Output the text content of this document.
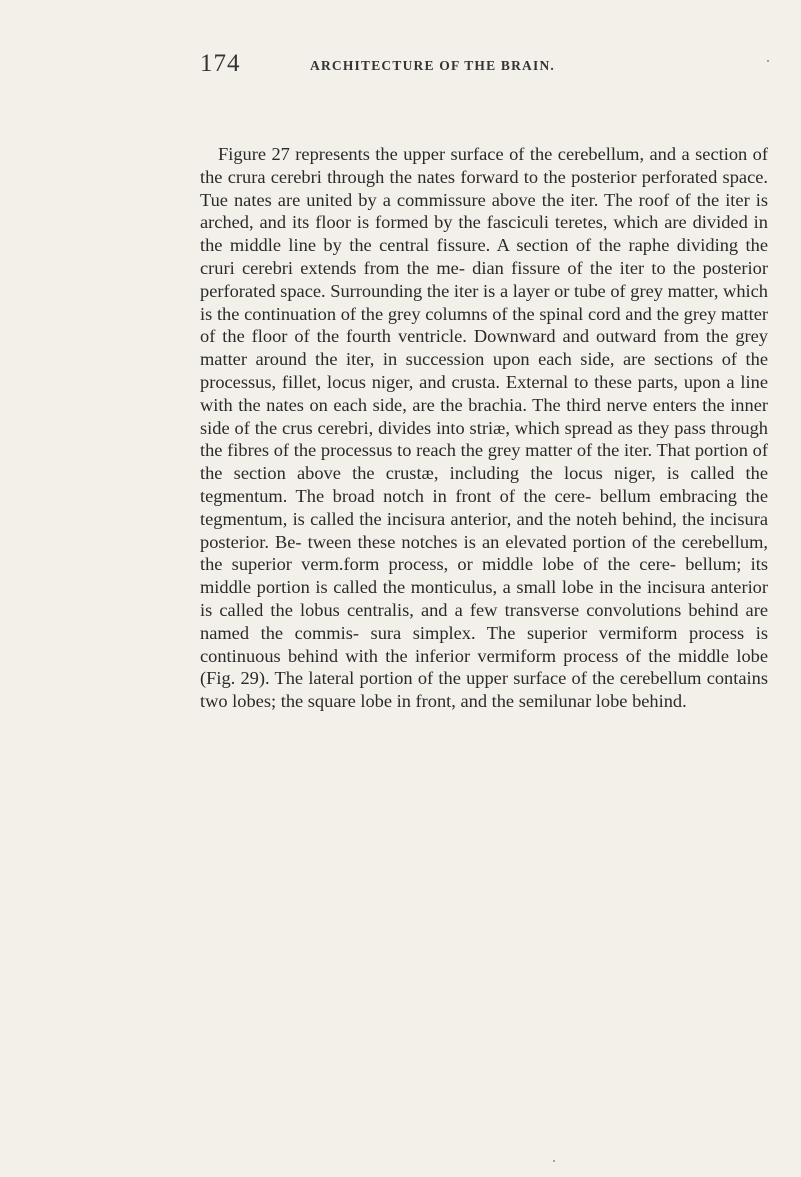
174	ARCHITECTURE OF THE BRAIN.

Figure 27 represents the upper surface of the cerebellum, and a section of the crura cerebri through the nates forward to the posterior perforated space. Tue nates are united by a commissure above the iter. The roof of the iter is arched, and its floor is formed by the fasciculi teretes, which are divided in the middle line by the central fissure. A section of the raphe dividing the cruri cerebri extends from the me- dian fissure of the iter to the posterior perforated space. Surrounding the iter is a layer or tube of grey matter, which is the continuation of the grey columns of the spinal cord and the grey matter of the floor of the fourth ventricle. Downward and outward from the grey matter around the iter, in succession upon each side, are sections of the processus, fillet, locus niger, and crusta. External to these parts, upon a line with the nates on each side, are the brachia. The third nerve enters the inner side of the crus cerebri, divides into striæ, which spread as they pass through the fibres of the processus to reach the grey matter of the iter. That portion of the section above the crustæ, including the locus niger, is called the tegmentum. The broad notch in front of the cere- bellum embracing the tegmentum, is called the incisura anterior, and the noteh behind, the incisura posterior. Be- tween these notches is an elevated portion of the cerebellum, the superior verm.form process, or middle lobe of the cere- bellum; its middle portion is called the monticulus, a small lobe in the incisura anterior is called the lobus centralis, and a few transverse convolutions behind are named the commis- sura simplex. The superior vermiform process is continuous behind with the inferior vermiform process of the middle lobe (Fig. 29). The lateral portion of the upper surface of the cerebellum contains two lobes; the square lobe in front, and the semilunar lobe behind.
